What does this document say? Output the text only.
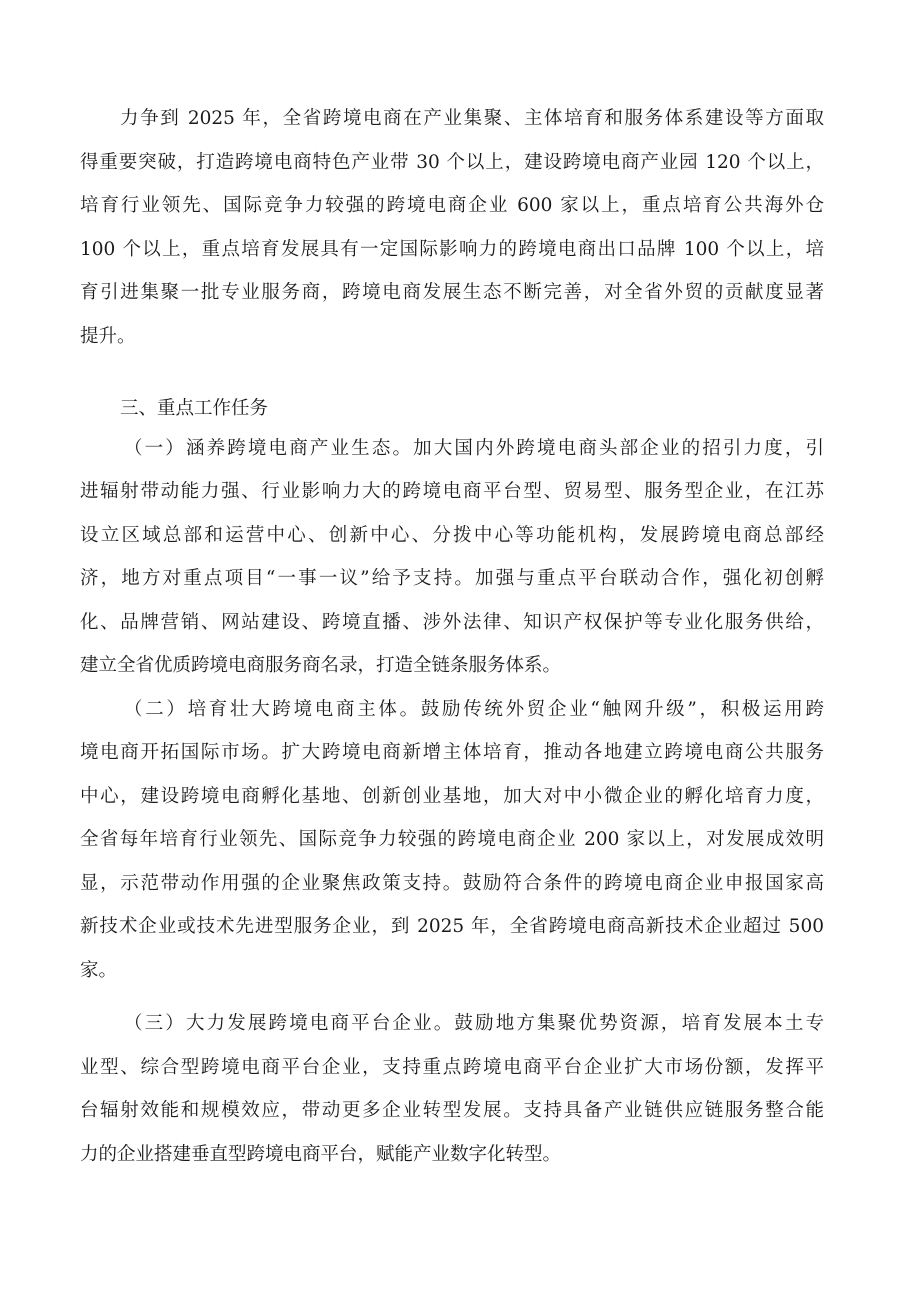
力争到 2025 年，全省跨境电商在产业集聚、主体培育和服务体系建设等方面取
得重要突破，打造跨境电商特色产业带 30 个以上，建设跨境电商产业园 120 个以上，
培育行业领先、国际竞争力较强的跨境电商企业 600 家以上，重点培育公共海外仓
100 个以上，重点培育发展具有一定国际影响力的跨境电商出口品牌 100 个以上，培
育引进集聚一批专业服务商，跨境电商发展生态不断完善，对全省外贸的贡献度显著
提升。
三、重点工作任务
（一）涵养跨境电商产业生态。加大国内外跨境电商头部企业的招引力度，引
进辐射带动能力强、行业影响力大的跨境电商平台型、贸易型、服务型企业，在江苏
设立区域总部和运营中心、创新中心、分拨中心等功能机构，发展跨境电商总部经
济，地方对重点项目“一事一议”给予支持。加强与重点平台联动合作，强化初创孵
化、品牌营销、网站建设、跨境直播、涉外法律、知识产权保护等专业化服务供给，
建立全省优质跨境电商服务商名录，打造全链条服务体系。
（二）培育壮大跨境电商主体。鼓励传统外贸企业“触网升级”，积极运用跨
境电商开拓国际市场。扩大跨境电商新增主体培育，推动各地建立跨境电商公共服务
中心，建设跨境电商孵化基地、创新创业基地，加大对中小微企业的孵化培育力度，
全省每年培育行业领先、国际竞争力较强的跨境电商企业 200 家以上，对发展成效明
显，示范带动作用强的企业聚焦政策支持。鼓励符合条件的跨境电商企业申报国家高
新技术企业或技术先进型服务企业，到 2025 年，全省跨境电商高新技术企业超过 500
家。
（三）大力发展跨境电商平台企业。鼓励地方集聚优势资源，培育发展本土专
业型、综合型跨境电商平台企业，支持重点跨境电商平台企业扩大市场份额，发挥平
台辐射效能和规模效应，带动更多企业转型发展。支持具备产业链供应链服务整合能
力的企业搭建垂直型跨境电商平台，赋能产业数字化转型。
